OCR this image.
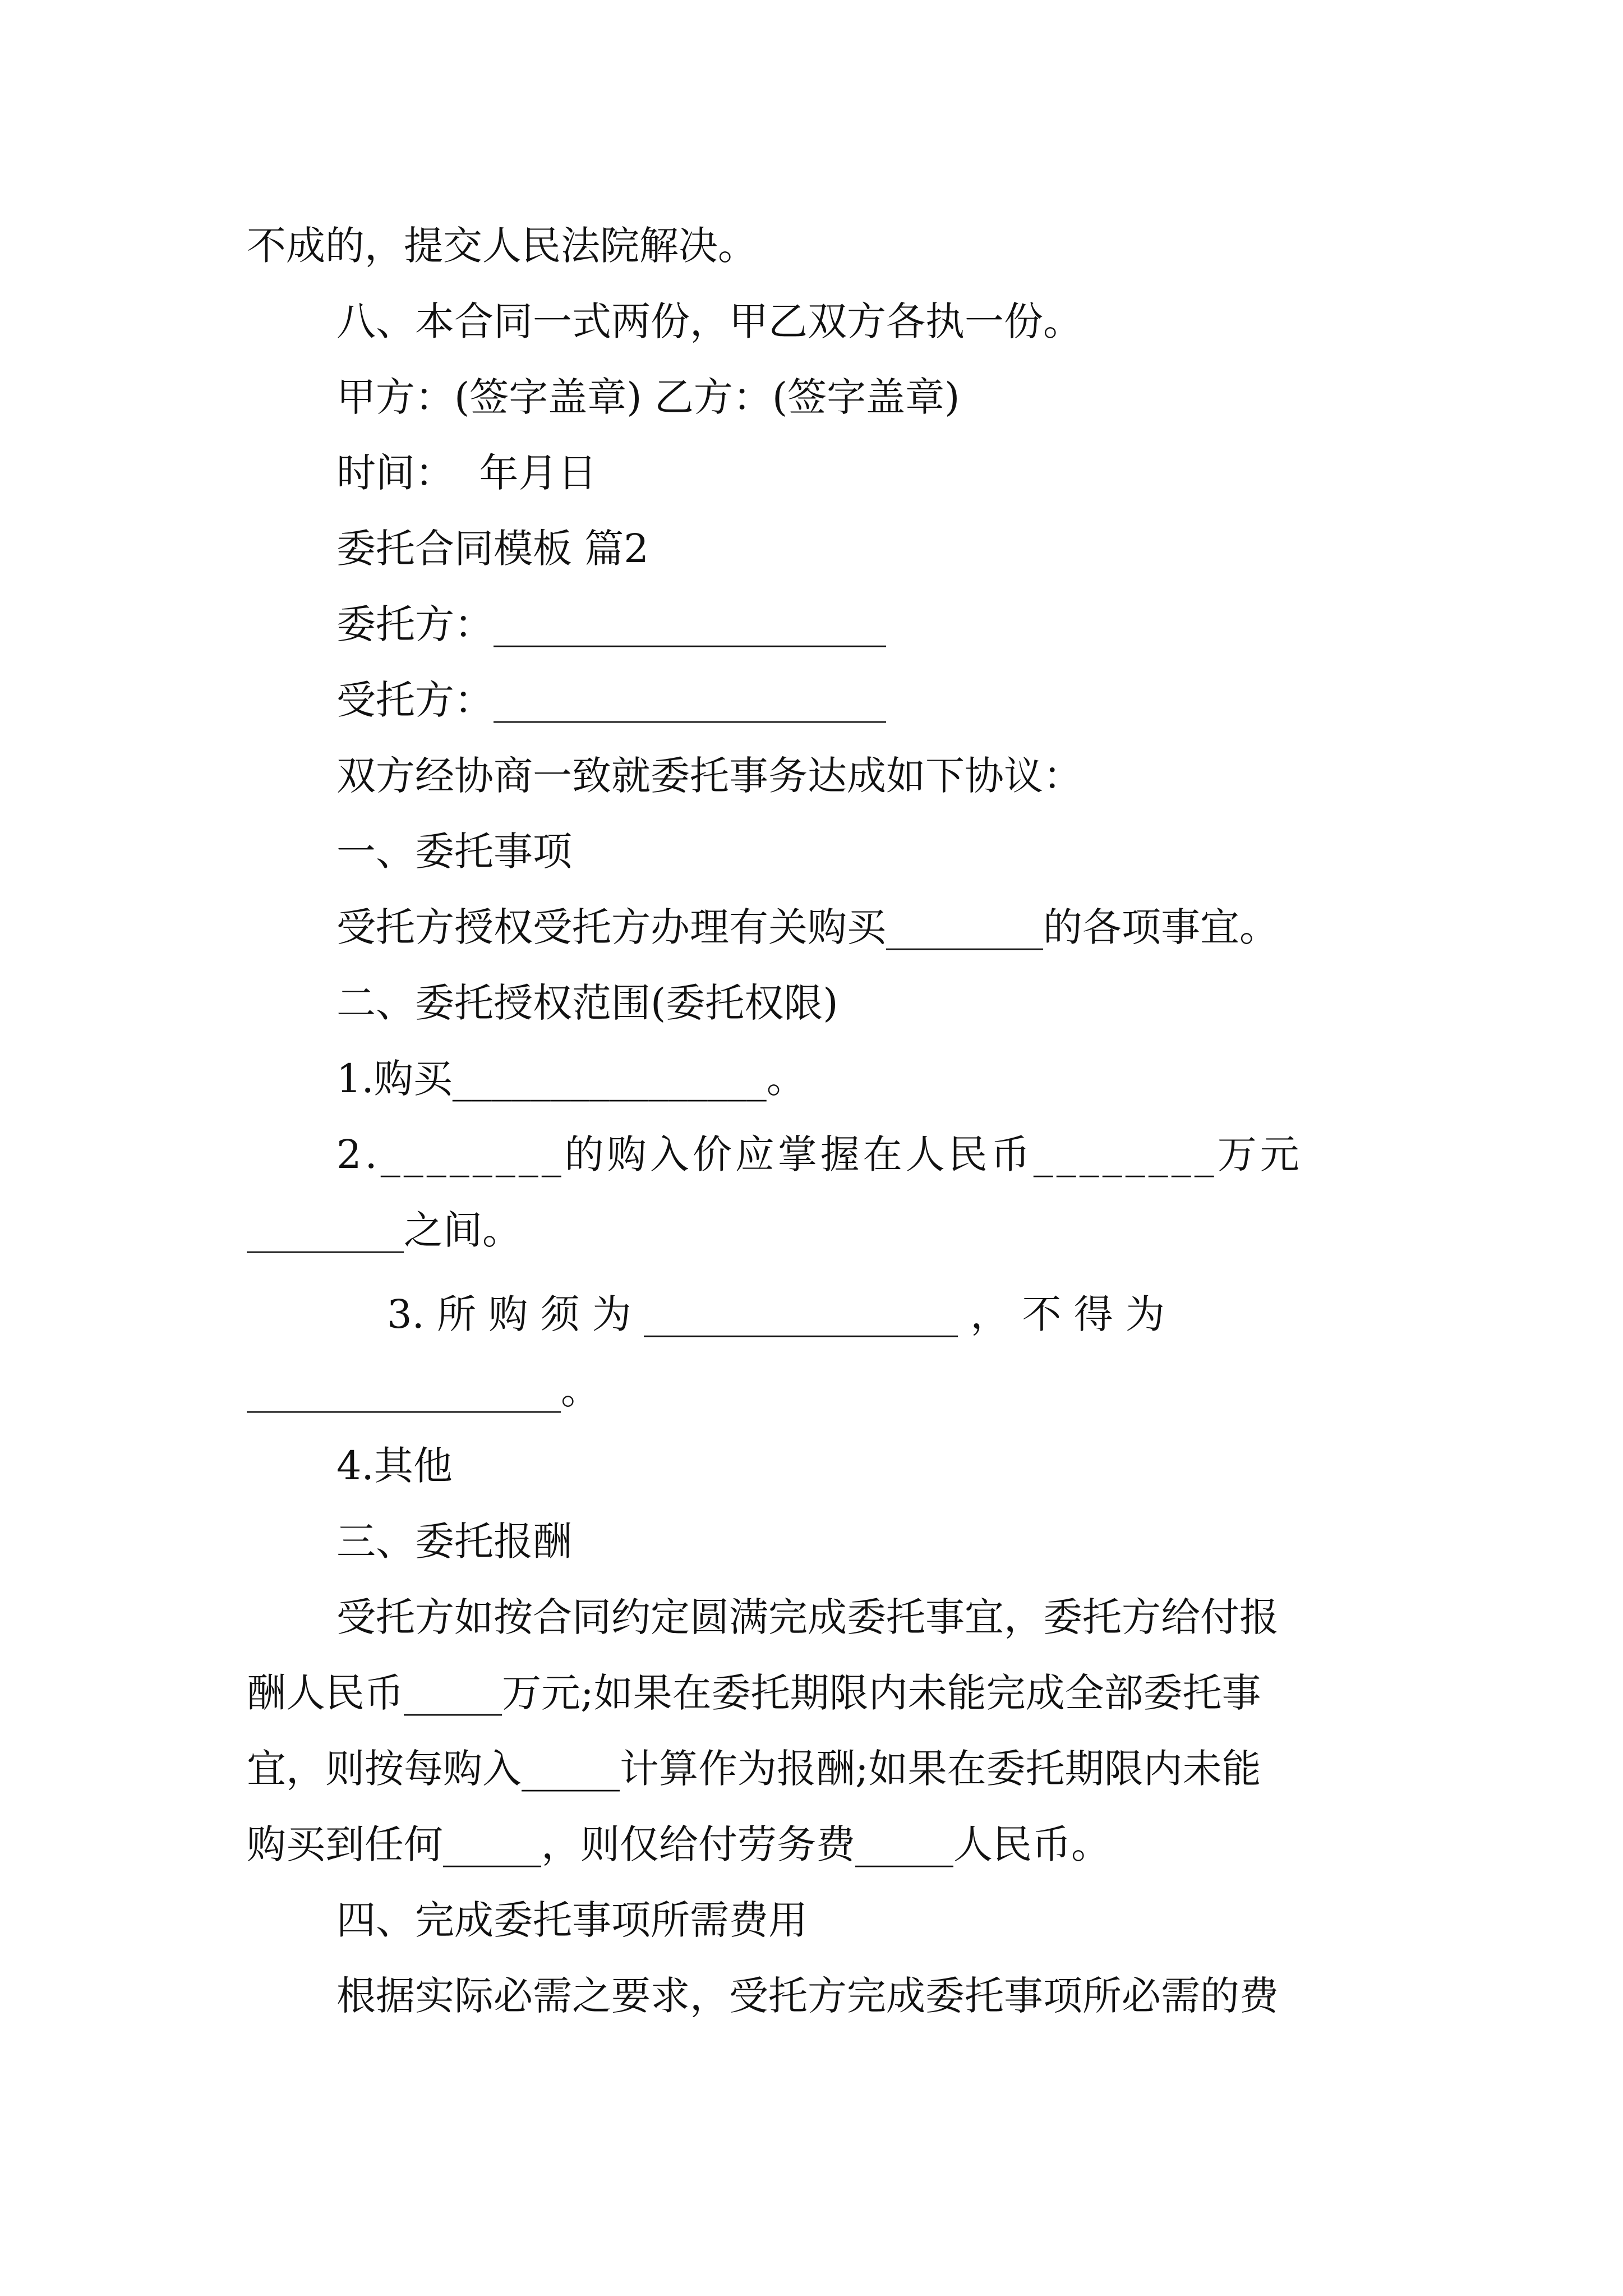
不成的，提交人民法院解决。
八、本合同一式两份，甲乙双方各执一份。
甲方：(签字盖章) 乙方：(签字盖章)
时间：  年月日
委托合同模板 篇2
委托方：____________________
受托方：____________________
双方经协商一致就委托事务达成如下协议：
一、委托事项
受托方授权受托方办理有关购买________的各项事宜。
二、委托授权范围(委托权限)
1.购买________________。
2.________的购入价应掌握在人民币________万元
________之间。
3. 所 购 须 为 ________________ ， 不 得 为
________________。
4.其他
三、委托报酬
受托方如按合同约定圆满完成委托事宜，委托方给付报
酬人民币_____万元;如果在委托期限内未能完成全部委托事
宜，则按每购入_____计算作为报酬;如果在委托期限内未能
购买到任何_____，则仅给付劳务费_____人民币。
四、完成委托事项所需费用
根据实际必需之要求，受托方完成委托事项所必需的费
